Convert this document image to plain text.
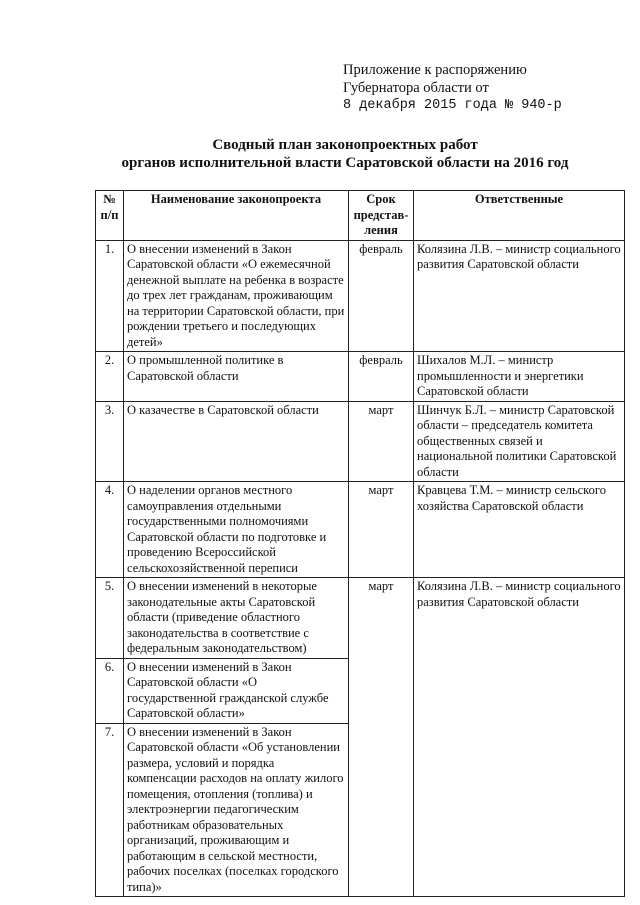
Приложение к распоряжению
Губернатора области от
8 декабря 2015 года № 940-р
Сводный план законопроектных работ
органов исполнительной власти Саратовской области на 2016 год
№ п/п	Наименование законопроекта	Срок представ-ления	Ответственные
1.	О внесении изменений в Закон Саратовской области «О ежемесячной денежной выплате на ребенка в возрасте до трех лет гражданам, проживающим на территории Саратовской области, при рождении третьего и последующих детей»	февраль	Колязина Л.В. – министр социального развития Саратовской области
2.	О промышленной политике в Саратовской области	февраль	Шихалов М.Л. – министр промышленности и энергетики Саратовской области
3.	О казачестве в Саратовской области	март	Шинчук Б.Л. – министр Саратовской области – председатель комитета общественных связей и национальной политики Саратовской области
4.	О наделении органов местного самоуправления отдельными государственными полномочиями Саратовской области по подготовке и проведению Всероссийской сельскохозяйственной переписи	март	Кравцева Т.М. – министр сельского хозяйства Саратовской области
5.	О внесении изменений в некоторые законодательные акты Саратовской области (приведение областного законодательства в соответствие с федеральным законодательством)	март	Колязина Л.В. – министр социального развития Саратовской области
6.	О внесении изменений в Закон Саратовской области «О государственной гражданской службе Саратовской области»		
7.	О внесении изменений в Закон Саратовской области «Об установлении размера, условий и порядка компенсации расходов на оплату жилого помещения, отопления (топлива) и электроэнергии педагогическим работникам образовательных организаций, проживающим и работающим в сельской местности, рабочих поселках (поселках городского типа)»		
